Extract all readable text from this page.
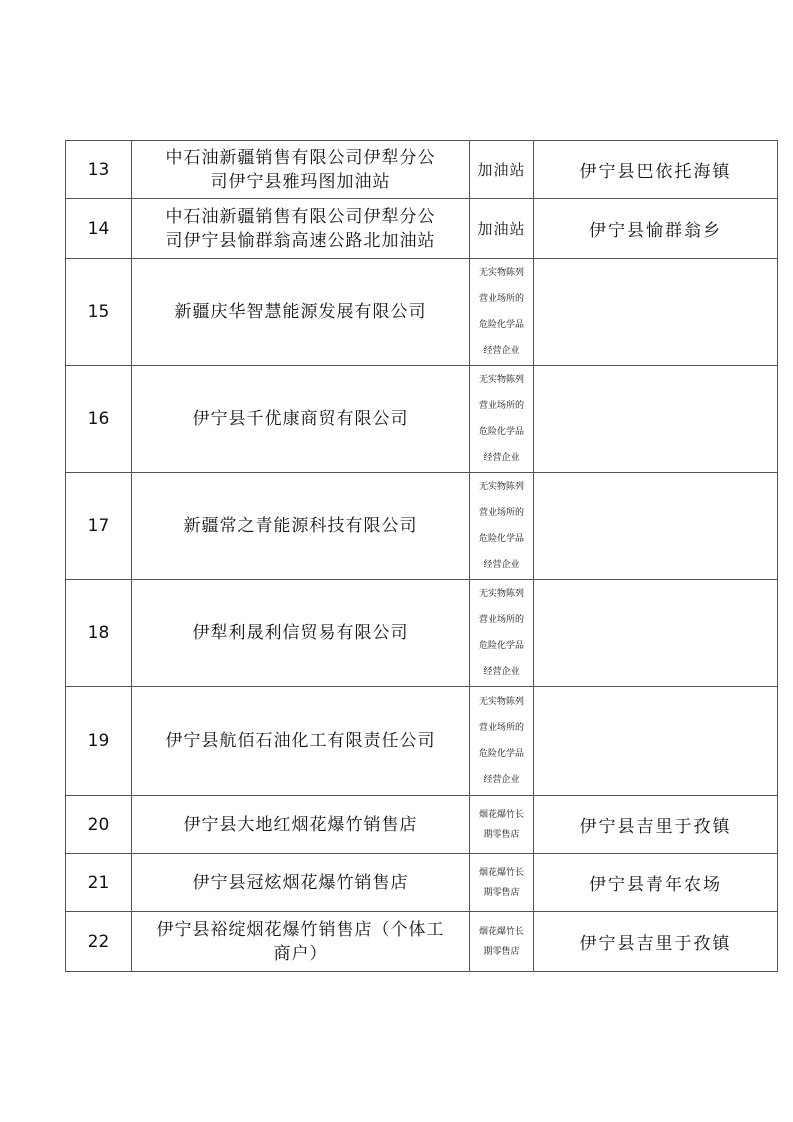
13	中石油新疆销售有限公司伊犁分公
司伊宁县雅玛图加油站	加油站	伊宁县巴依托海镇
14	中石油新疆销售有限公司伊犁分公
司伊宁县愉群翁高速公路北加油站	加油站	伊宁县愉群翁乡
15	新疆庆华智慧能源发展有限公司	无实物陈列
营业场所的
危险化学品
经营企业	

16	伊宁县千优康商贸有限公司	无实物陈列
营业场所的
危险化学品
经营企业	

17	新疆常之青能源科技有限公司	无实物陈列
营业场所的
危险化学品
经营企业	

18	伊犁利晟利信贸易有限公司	无实物陈列
营业场所的
危险化学品
经营企业	

19	伊宁县航佰石油化工有限责任公司	无实物陈列
营业场所的
危险化学品
经营企业	

20	伊宁县大地红烟花爆竹销售店	烟花爆竹长
期零售店	伊宁县吉里于孜镇
21	伊宁县冠炫烟花爆竹销售店	烟花爆竹长
期零售店	伊宁县青年农场
22	伊宁县裕绽烟花爆竹销售店（个体工
商户）	烟花爆竹长
期零售店	伊宁县吉里于孜镇
